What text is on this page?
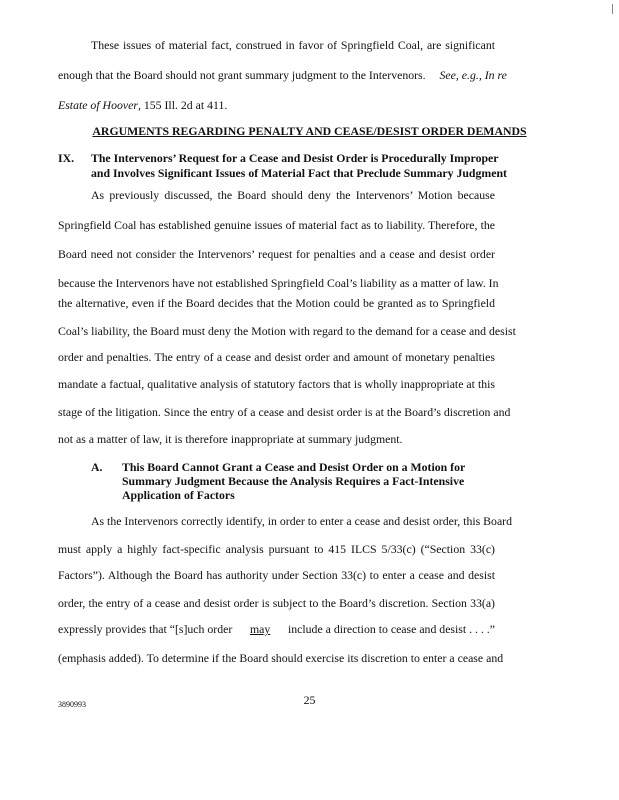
These issues of material fact, construed in favor of Springfield Coal, are significant
enough that the Board should not grant summary judgment to the Intervenors. See, e.g., In re
Estate of Hoover, 155 Ill. 2d at 411.
ARGUMENTS REGARDING PENALTY AND CEASE/DESIST ORDER DEMANDS
IX. The Intervenors’ Request for a Cease and Desist Order is Procedurally Improper
and Involves Significant Issues of Material Fact that Preclude Summary Judgment
As previously discussed, the Board should deny the Intervenors’ Motion because
Springfield Coal has established genuine issues of material fact as to liability. Therefore, the
Board need not consider the Intervenors’ request for penalties and a cease and desist order
because the Intervenors have not established Springfield Coal’s liability as a matter of law. In
the alternative, even if the Board decides that the Motion could be granted as to Springfield
Coal’s liability, the Board must deny the Motion with regard to the demand for a cease and desist
order and penalties. The entry of a cease and desist order and amount of monetary penalties
mandate a factual, qualitative analysis of statutory factors that is wholly inappropriate at this
stage of the litigation. Since the entry of a cease and desist order is at the Board’s discretion and
not as a matter of law, it is therefore inappropriate at summary judgment.
A. This Board Cannot Grant a Cease and Desist Order on a Motion for
Summary Judgment Because the Analysis Requires a Fact-Intensive
Application of Factors
As the Intervenors correctly identify, in order to enter a cease and desist order, this Board
must apply a highly fact-specific analysis pursuant to 415 ILCS 5/33(c) (“Section 33(c)
Factors”). Although the Board has authority under Section 33(c) to enter a cease and desist
order, the entry of a cease and desist order is subject to the Board’s discretion. Section 33(a)
expressly provides that “[s]uch order may include a direction to cease and desist . . . .”
(emphasis added). To determine if the Board should exercise its discretion to enter a cease and
25
3890993
